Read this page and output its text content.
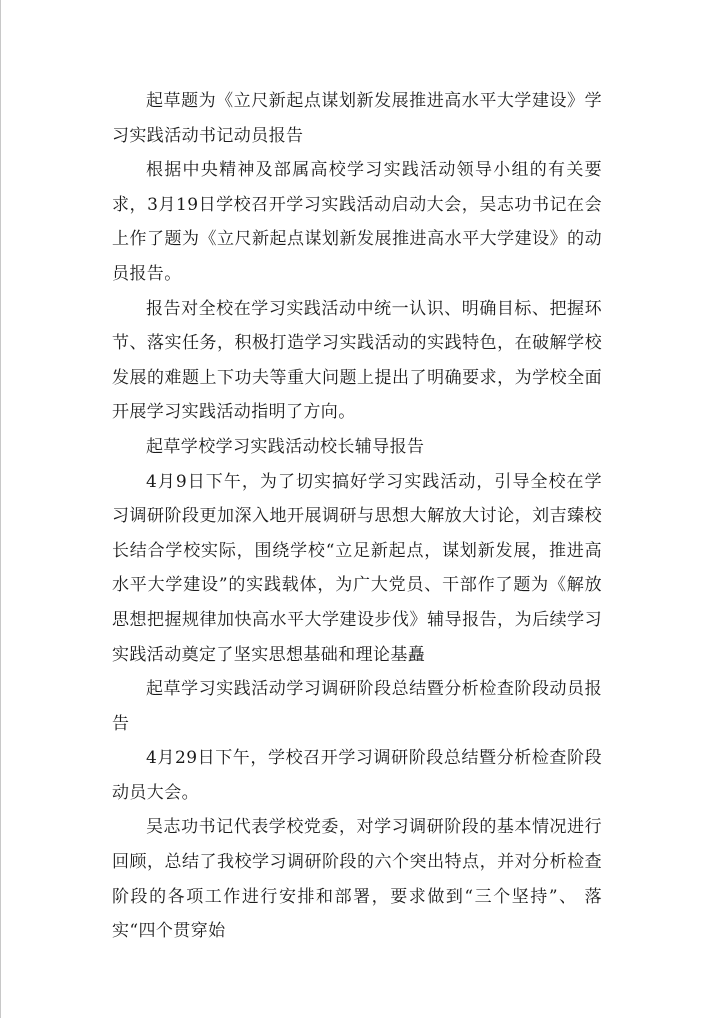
起草题为《立尺新起点谋划新发展推进高水平大学建设》学习实践活动书记动员报告

根据中央精神及部属高校学习实践活动领导小组的有关要求，3月19日学校召开学习实践活动启动大会，吴志功书记在会上作了题为《立尺新起点谋划新发展推进高水平大学建设》的动员报告。

报告对全校在学习实践活动中统一认识、明确目标、把握环节、落实任务，积极打造学习实践活动的实践特色，在破解学校发展的难题上下功夫等重大问题上提出了明确要求，为学校全面开展学习实践活动指明了方向。

起草学校学习实践活动校长辅导报告

4月9日下午，为了切实搞好学习实践活动，引导全校在学习调研阶段更加深入地开展调研与思想大解放大讨论，刘吉臻校长结合学校实际，围绕学校“立足新起点，谋划新发展，推进高水平大学建设”的实践载体，为广大党员、干部作了题为《解放思想把握规律加快高水平大学建设步伐》辅导报告，为后续学习实践活动奠定了坚实思想基础和理论基矗

起草学习实践活动学习调研阶段总结暨分析检查阶段动员报告

4月29日下午，学校召开学习调研阶段总结暨分析检查阶段动员大会。

吴志功书记代表学校党委，对学习调研阶段的基本情况进行回顾，总结了我校学习调研阶段的六个突出特点，并对分析检查阶段的各项工作进行安排和部署，要求做到“三个坚持”、 落实“四个贯穿始
